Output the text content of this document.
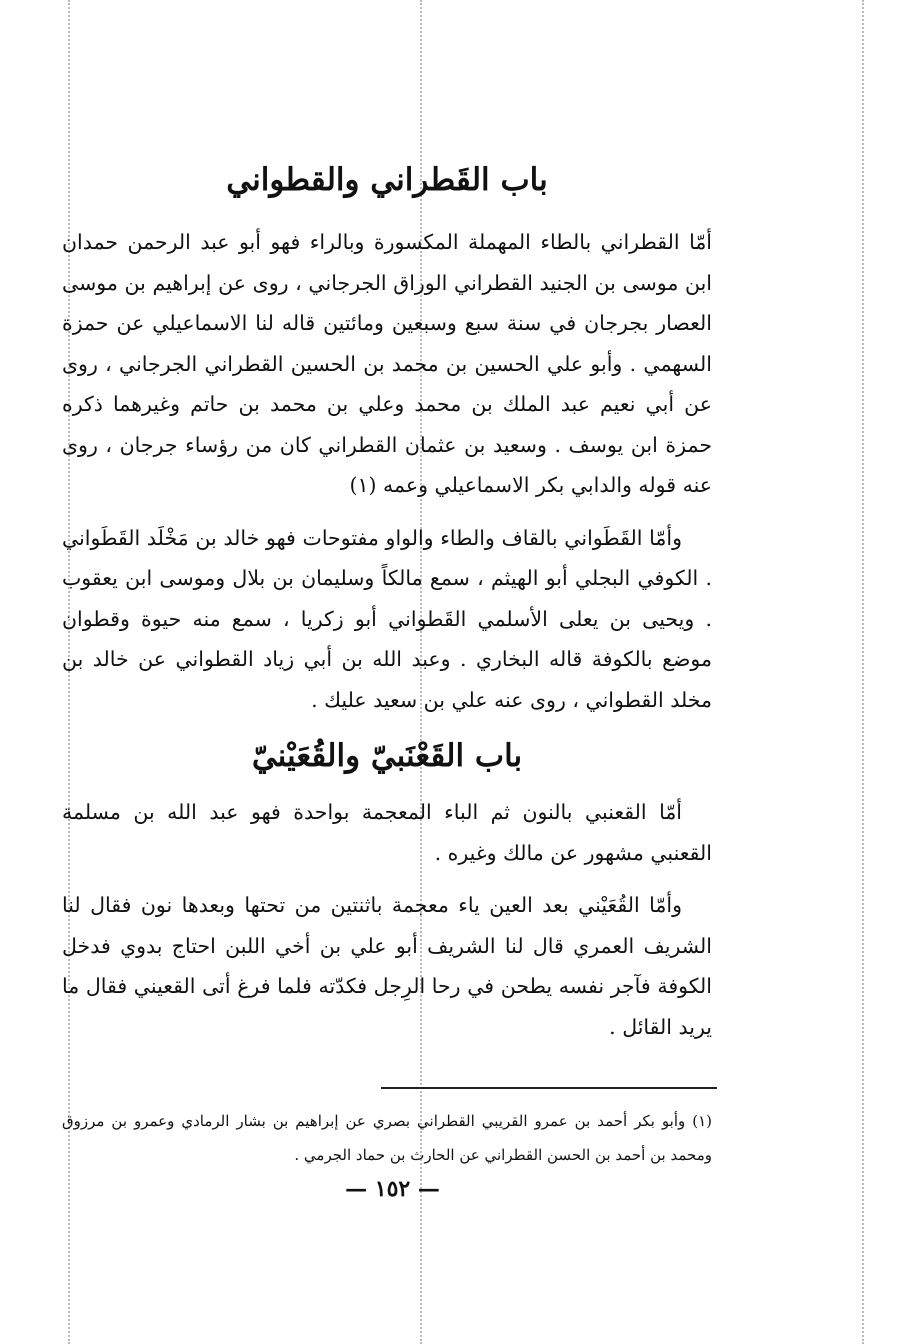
باب القَطراني والقطواني

أمّا القطراني بالطاء المهملة المكسورة وبالراء فهو أبو عبد الرحمن حمدان ابن موسى بن الجنيد القطراني الوراق الجرجاني ، روى عن إبراهيم بن موسى العصار بجرجان في سنة سبع وسبعين ومائتين قاله لنا الاسماعيلي عن حمزة السهمي . وأبو علي الحسين بن محمد بن الحسين القطراني الجرجاني ، روى عن أبي نعيم عبد الملك بن محمد وعلي بن محمد بن حاتم وغيرهما ذكره حمزة ابن يوسف . وسعيد بن عثمان القطراني كان من رؤساء جرجان ، روى عنه قوله والدابي بكر الاسماعيلي وعمه (١)

وأمّا القَطَواني بالقاف والطاء والواو مفتوحات فهو خالد بن مَخْلَد القَطَواني . الكوفي البجلي أبو الهيثم ، سمع مالكاً وسليمان بن بلال وموسى ابن يعقوب . ويحيى بن يعلى الأسلمي القَطواني أبو زكريا ، سمع منه حيوة وقطوان موضع بالكوفة قاله البخاري . وعبد الله بن أبي زياد القطواني عن خالد بن مخلد القطواني ، روى عنه علي بن سعيد عليك .

باب القَعْنَبيّ والقُعَيْنيّ

أمّا القعنبي بالنون ثم الباء المعجمة بواحدة فهو عبد الله بن مسلمة القعنبي مشهور عن مالك وغيره .

وأمّا القُعَيْني بعد العين ياء معجمة باثنتين من تحتها وبعدها نون فقال لنا الشريف العمري قال لنا الشريف أبو علي بن أخي اللبن احتاج بدوي فدخل الكوفة فآجر نفسه يطحن في رحا الرِجل فكدّته فلما فرغ أتى القعيني فقال ما يريد القائل .

(١) وأبو بكر أحمد بن عمرو القريبي القطراني بصري عن إبراهيم بن بشار الرمادي وعمرو بن مرزوق ومحمد بن أحمد بن الحسن القطراني عن الحارث بن حماد الجرمي .
— ١٥٢ —
